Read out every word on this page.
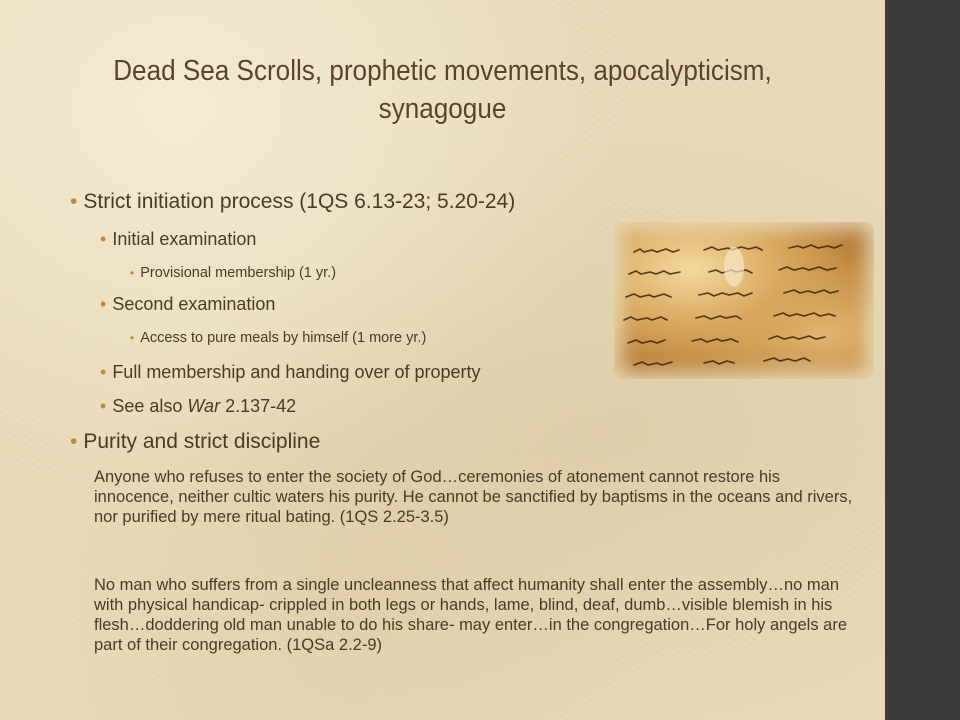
Dead Sea Scrolls, prophetic movements, apocalypticism, synagogue
• Strict initiation process (1QS 6.13-23; 5.20-24)
• Initial examination
• Provisional membership (1 yr.)
• Second examination
• Access to pure meals by himself (1 more yr.)
• Full membership and handing over of property
• See also War 2.137-42
• Purity and strict discipline
Anyone who refuses to enter the society of God…ceremonies of atonement cannot restore his innocence, neither cultic waters his purity. He cannot be sanctified by baptisms in the oceans and rivers, nor purified by mere ritual bating. (1QS 2.25-3.5)
No man who suffers from a single uncleanness that affect humanity shall enter the assembly…no man with physical handicap- crippled in both legs or hands, lame, blind, deaf, dumb…visible blemish in his flesh…doddering old man unable to do his share- may enter…in the congregation…For holy angels are part of their congregation. (1QSa 2.2-9)
